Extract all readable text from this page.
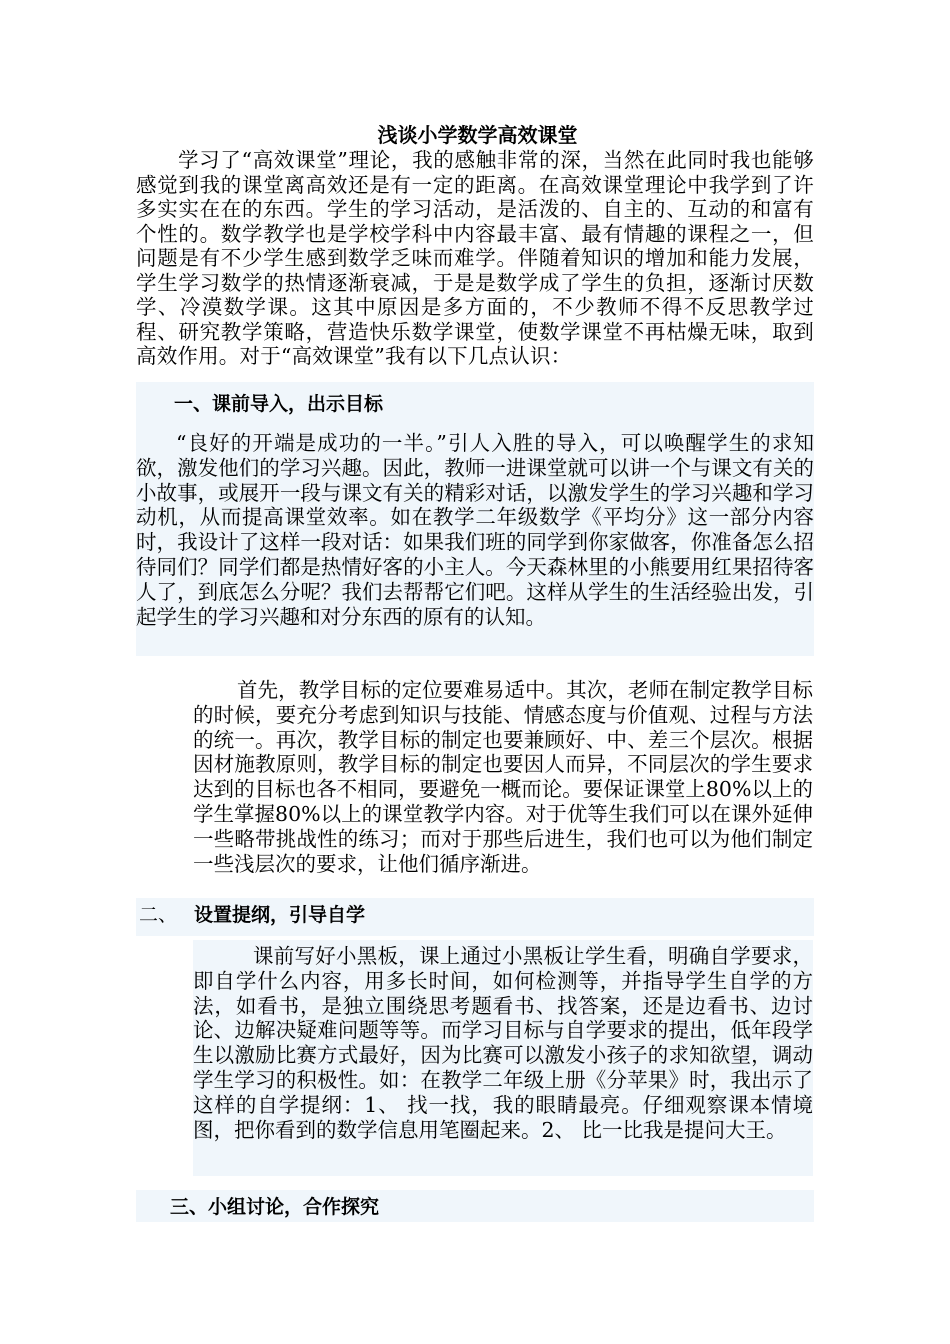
浅谈小学数学高效课堂

学习了“高效课堂”理论，我的感触非常的深，当然在此同时我也能够感觉到我的课堂离高效还是有一定的距离。在高效课堂理论中我学到了许多实实在在的东西。学生的学习活动，是活泼的、自主的、互动的和富有个性的。数学教学也是学校学科中内容最丰富、最有情趣的课程之一，但问题是有不少学生感到数学乏味而难学。伴随着知识的增加和能力发展，学生学习数学的热情逐渐衰减，于是是数学成了学生的负担，逐渐讨厌数学、冷漠数学课。这其中原因是多方面的，不少教师不得不反思教学过程、研究教学策略，营造快乐数学课堂，使数学课堂不再枯燥无味，取到高效作用。对于“高效课堂”我有以下几点认识：

一、课前导入，出示目标

“良好的开端是成功的一半。”引人入胜的导入，可以唤醒学生的求知欲，激发他们的学习兴趣。因此，教师一进课堂就可以讲一个与课文有关的小故事，或展开一段与课文有关的精彩对话，以激发学生的学习兴趣和学习动机，从而提高课堂效率。如在教学二年级数学《平均分》这一部分内容时，我设计了这样一段对话：如果我们班的同学到你家做客，你准备怎么招待同们？同学们都是热情好客的小主人。今天森林里的小熊要用红果招待客人了，到底怎么分呢？我们去帮帮它们吧。这样从学生的生活经验出发，引起学生的学习兴趣和对分东西的原有的认知。

首先，教学目标的定位要难易适中。其次，老师在制定教学目标的时候，要充分考虑到知识与技能、情感态度与价值观、过程与方法的统一。再次，教学目标的制定也要兼顾好、中、差三个层次。根据因材施教原则，教学目标的制定也要因人而异，不同层次的学生要求达到的目标也各不相同，要避免一概而论。要保证课堂上80%以上的学生掌握80%以上的课堂教学内容。对于优等生我们可以在课外延伸一些略带挑战性的练习；而对于那些后进生，我们也可以为他们制定一些浅层次的要求，让他们循序渐进。

二、 设置提纲，引导自学

课前写好小黑板，课上通过小黑板让学生看，明确自学要求，即自学什么内容，用多长时间，如何检测等，并指导学生自学的方法，如看书，是独立围绕思考题看书、找答案，还是边看书、边讨论、边解决疑难问题等等。而学习目标与自学要求的提出，低年段学生以激励比赛方式最好，因为比赛可以激发小孩子的求知欲望，调动学生学习的积极性。如：在教学二年级上册《分苹果》时，我出示了这样的自学提纲：1、 找一找，我的眼睛最亮。仔细观察课本情境图，把你看到的数学信息用笔圈起来。2、 比一比我是提问大王。

三、小组讨论，合作探究
